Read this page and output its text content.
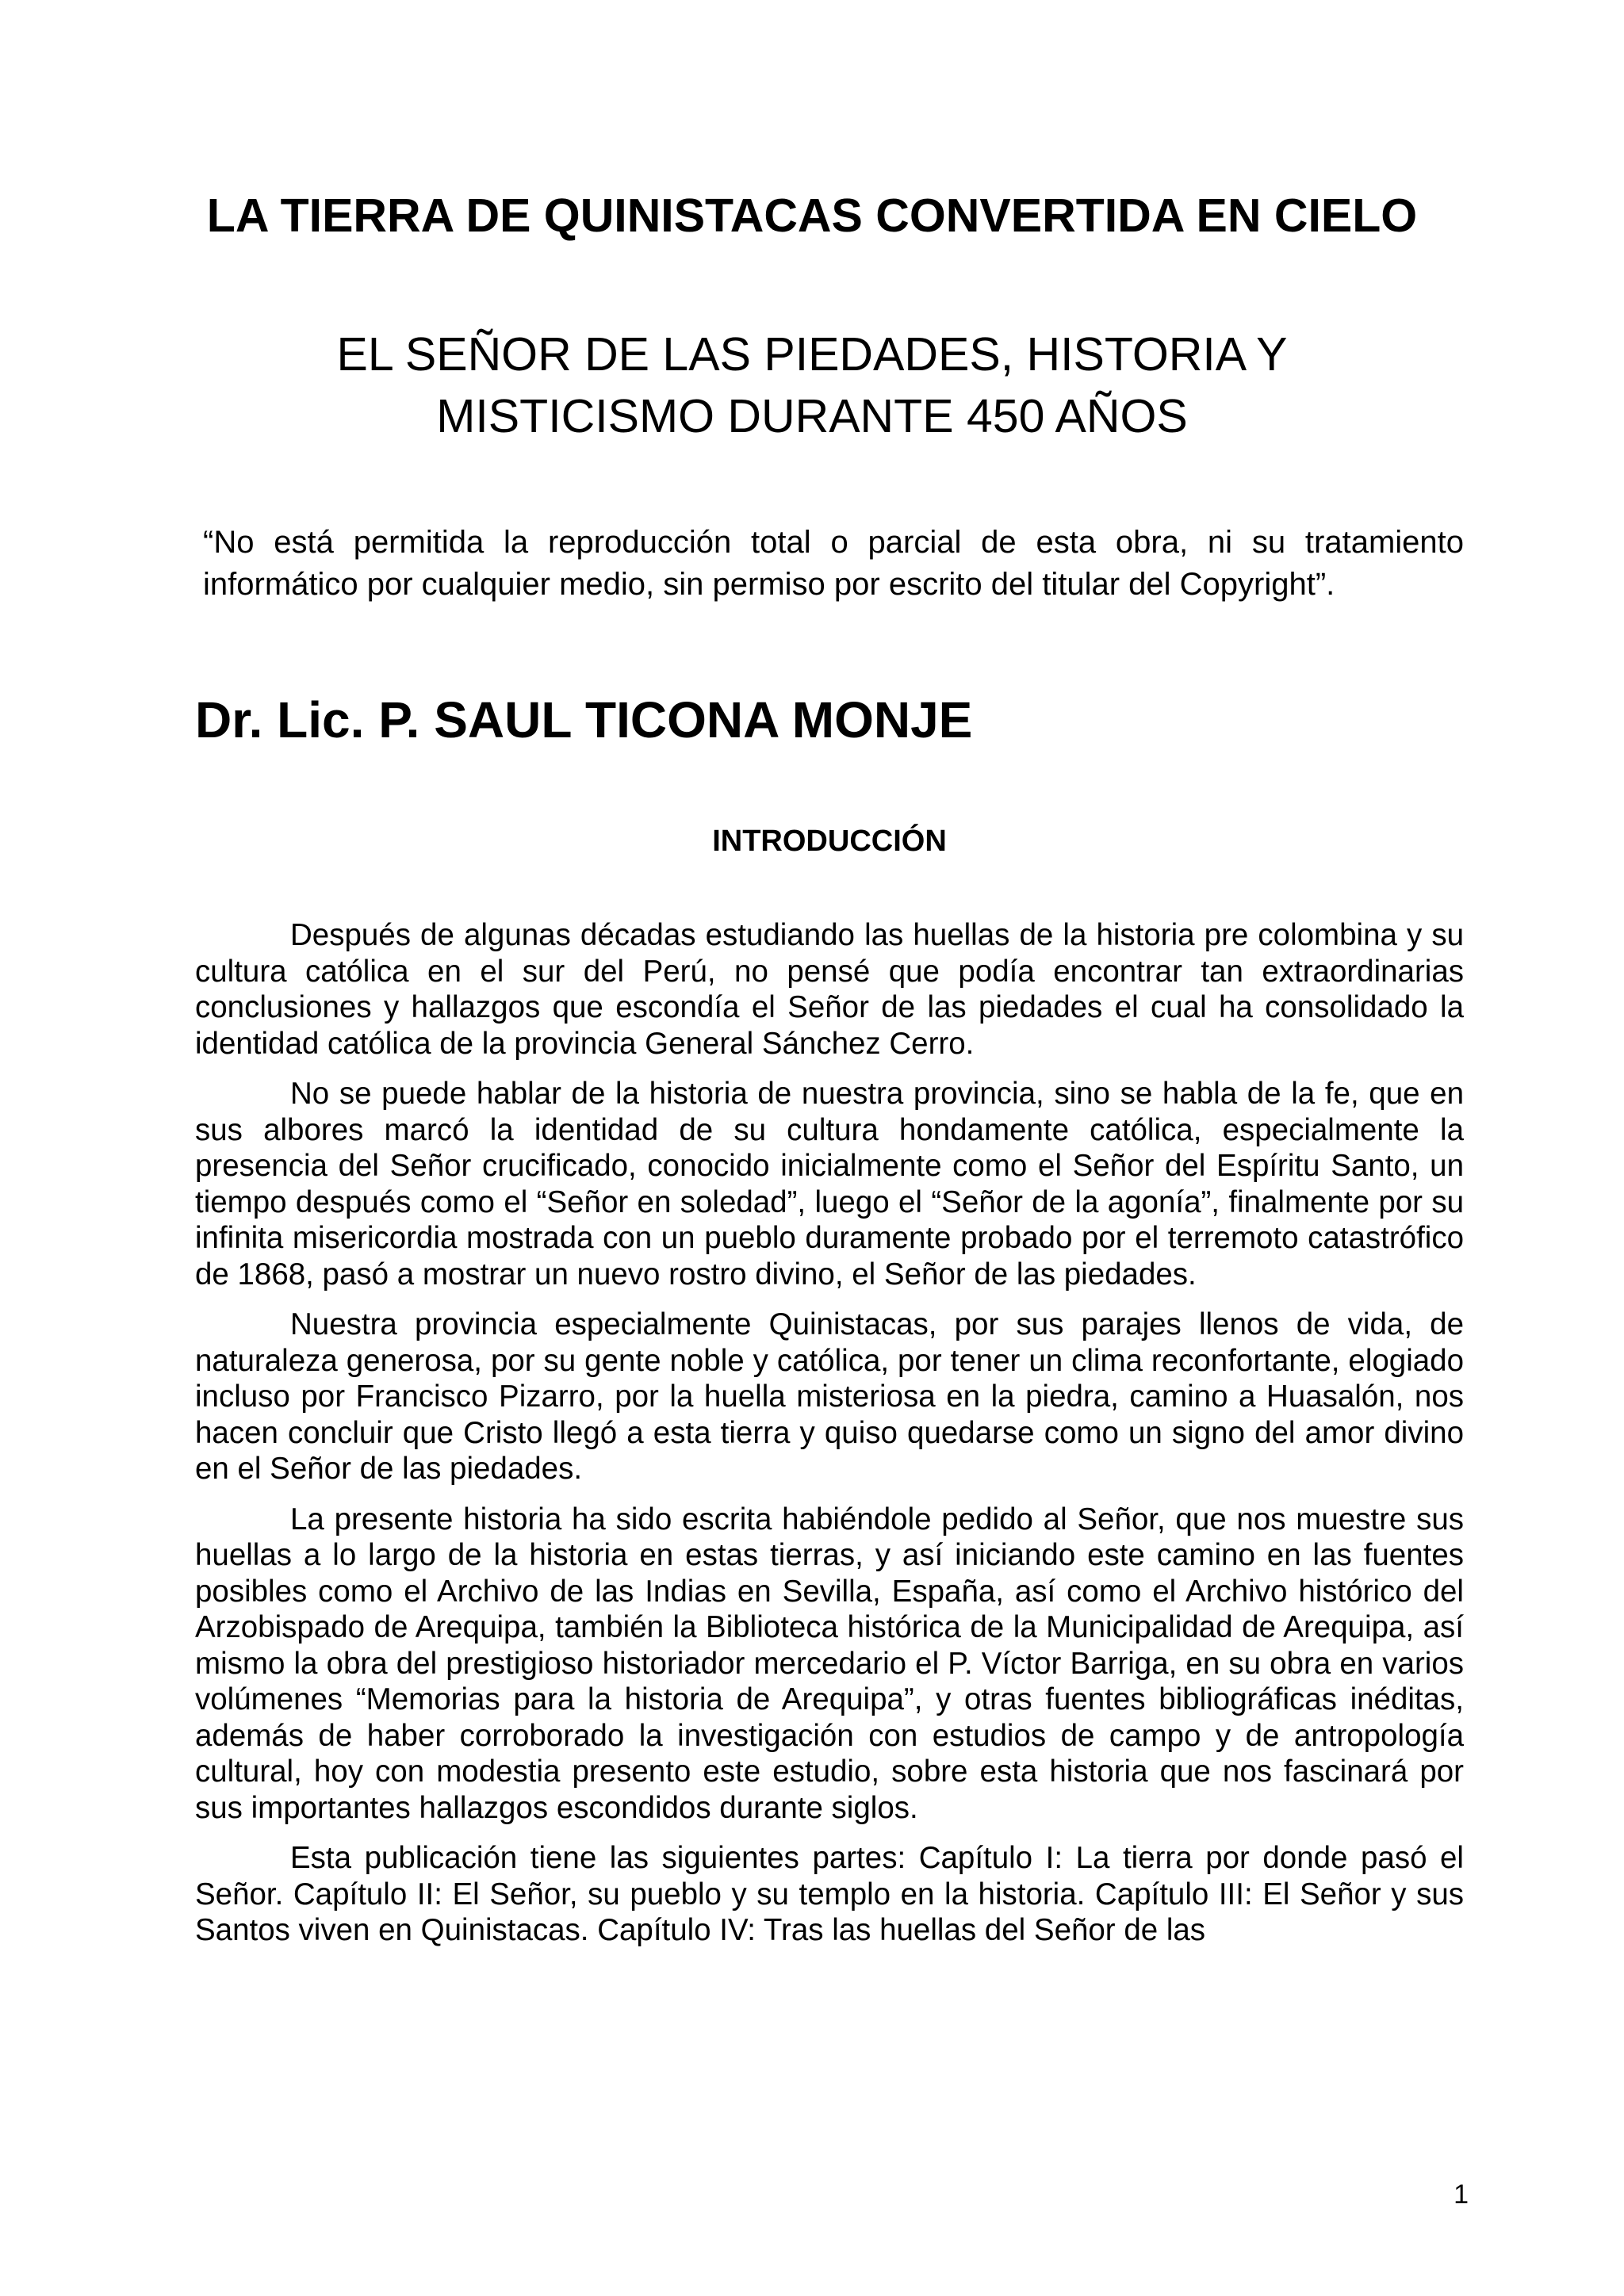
LA TIERRA DE QUINISTACAS CONVERTIDA EN CIELO
EL SEÑOR DE LAS PIEDADES, HISTORIA Y MISTICISMO DURANTE 450 AÑOS

“No está permitida la reproducción total o parcial de esta obra, ni su tratamiento
informático por cualquier medio, sin permiso por escrito del titular del Copyright”.

Dr. Lic. P. SAUL TICONA MONJE
INTRODUCCIÓN

Después de algunas décadas estudiando las huellas de la historia pre colombina y su cultura católica en el sur del Perú, no pensé que podía encontrar tan extraordinarias conclusiones y hallazgos que escondía el Señor de las piedades el cual ha consolidado la identidad católica de la provincia General Sánchez Cerro.

No se puede hablar de la historia de nuestra provincia, sino se habla de la fe, que en sus albores marcó la identidad de su cultura hondamente católica, especialmente la presencia del Señor crucificado, conocido inicialmente como el Señor del Espíritu Santo, un tiempo después como el “Señor en soledad”, luego el “Señor de la agonía”, finalmente por su infinita misericordia mostrada con un pueblo duramente probado por el terremoto catastrófico de 1868, pasó a mostrar un nuevo rostro divino, el Señor de las piedades.

Nuestra provincia especialmente Quinistacas, por sus parajes llenos de vida, de naturaleza generosa, por su gente noble y católica, por tener un clima reconfortante, elogiado incluso por Francisco Pizarro, por la huella misteriosa en la piedra, camino a Huasalón, nos hacen concluir que Cristo llegó a esta tierra y quiso quedarse como un signo del amor divino en el Señor de las piedades.

La presente historia ha sido escrita habiéndole pedido al Señor, que nos muestre sus huellas a lo largo de la historia en estas tierras, y así iniciando este camino en las fuentes posibles como el Archivo de las Indias en Sevilla, España, así como el Archivo histórico del Arzobispado de Arequipa, también la Biblioteca histórica de la Municipalidad de Arequipa, así mismo la obra del prestigioso historiador mercedario el P. Víctor Barriga, en su obra en varios volúmenes “Memorias para la historia de Arequipa”, y otras fuentes bibliográficas inéditas, además de haber corroborado la investigación con estudios de campo y de antropología cultural, hoy con modestia presento este estudio, sobre esta historia que nos fascinará por sus importantes hallazgos escondidos durante siglos.

Esta publicación tiene las siguientes partes: Capítulo I: La tierra por donde pasó el Señor. Capítulo II: El Señor, su pueblo y su templo en la historia. Capítulo III: El Señor y sus Santos viven en Quinistacas. Capítulo IV: Tras las huellas del Señor de las

1
